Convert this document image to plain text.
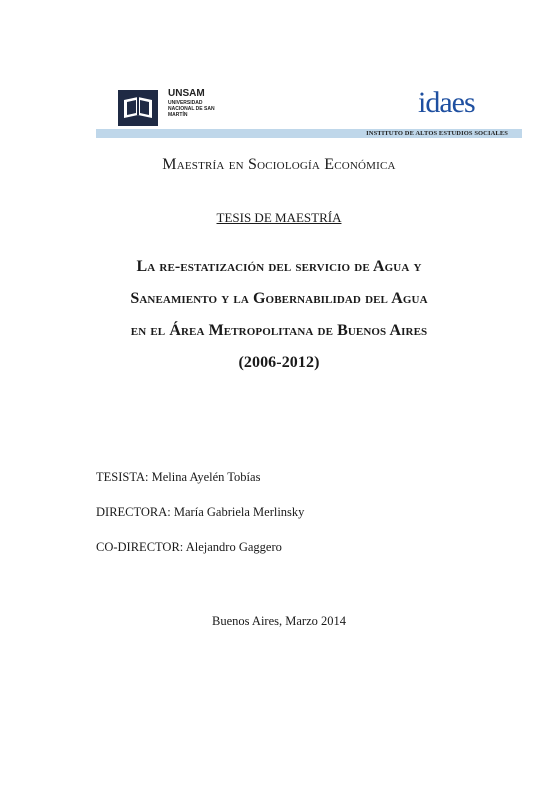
UNSAM
UNIVERSIDAD NACIONAL DE SAN MARTÍN	idaes
INSTITUTO DE ALTOS ESTUDIOS SOCIALES
Maestría en Sociología Económica
TESIS DE MAESTRÍA
La re-estatización del servicio de Agua y
Saneamiento y la Gobernabilidad del Agua
en el Área Metropolitana de Buenos Aires
(2006-2012)
TESISTA: Melina Ayelén Tobías
DIRECTORA: María Gabriela Merlinsky
CO-DIRECTOR: Alejandro Gaggero
Buenos Aires, Marzo 2014
